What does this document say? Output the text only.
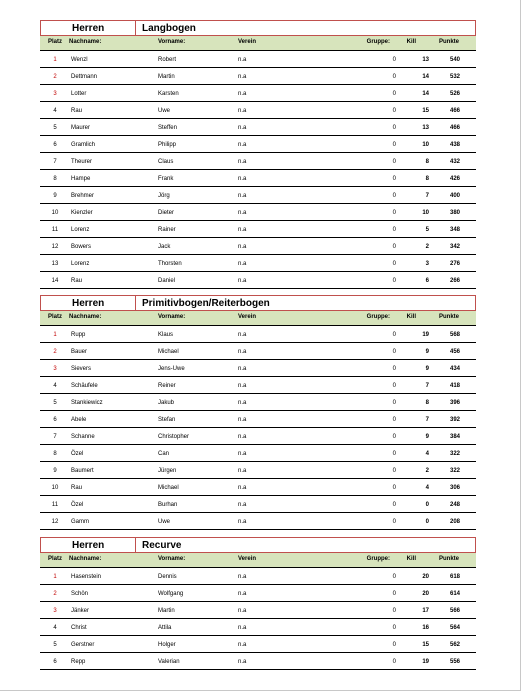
Herren	Langbogen
Platz	Nachname:	Vorname:	Verein	Gruppe:	Kill	Punkte
1	Wenzl	Robert	n.a	0	13	540
2	Dettmann	Martin	n.a	0	14	532
3	Lotter	Karsten	n.a	0	14	526
4	Rau	Uwe	n.a	0	15	466
5	Maurer	Steffen	n.a	0	13	466
6	Gramlich	Philipp	n.a	0	10	438
7	Theurer	Claus	n.a	0	8	432
8	Hampe	Frank	n.a	0	8	426
9	Brehmer	Jörg	n.a	0	7	400
10	Kienzler	Dieter	n.a	0	10	380
11	Lorenz	Rainer	n.a	0	5	348
12	Bowers	Jack	n.a	0	2	342
13	Lorenz	Thorsten	n.a	0	3	276
14	Rau	Daniel	n.a	0	6	266
Herren	Primitivbogen/Reiterbogen
Platz	Nachname:	Vorname:	Verein	Gruppe:	Kill	Punkte
1	Rupp	Klaus	n.a	0	19	568
2	Bauer	Michael	n.a	0	9	456
3	Sievers	Jens-Uwe	n.a	0	9	434
4	Schäufele	Reiner	n.a	0	7	418
5	Stankiewicz	Jakub	n.a	0	8	396
6	Abele	Stefan	n.a	0	7	392
7	Schanne	Christopher	n.a	0	9	384
8	Özel	Can	n.a	0	4	322
9	Baumert	Jürgen	n.a	0	2	322
10	Rau	Michael	n.a	0	4	306
11	Özel	Burhan	n.a	0	0	248
12	Gamm	Uwe	n.a	0	0	208
Herren	Recurve
Platz	Nachname:	Vorname:	Verein	Gruppe:	Kill	Punkte
1	Hasenstein	Dennis	n.a	0	20	618
2	Schön	Wolfgang	n.a	0	20	614
3	Jänker	Martin	n.a	0	17	566
4	Christ	Attila	n.a	0	16	564
5	Gerstner	Holger	n.a	0	15	562
6	Repp	Valerian	n.a	0	19	556
